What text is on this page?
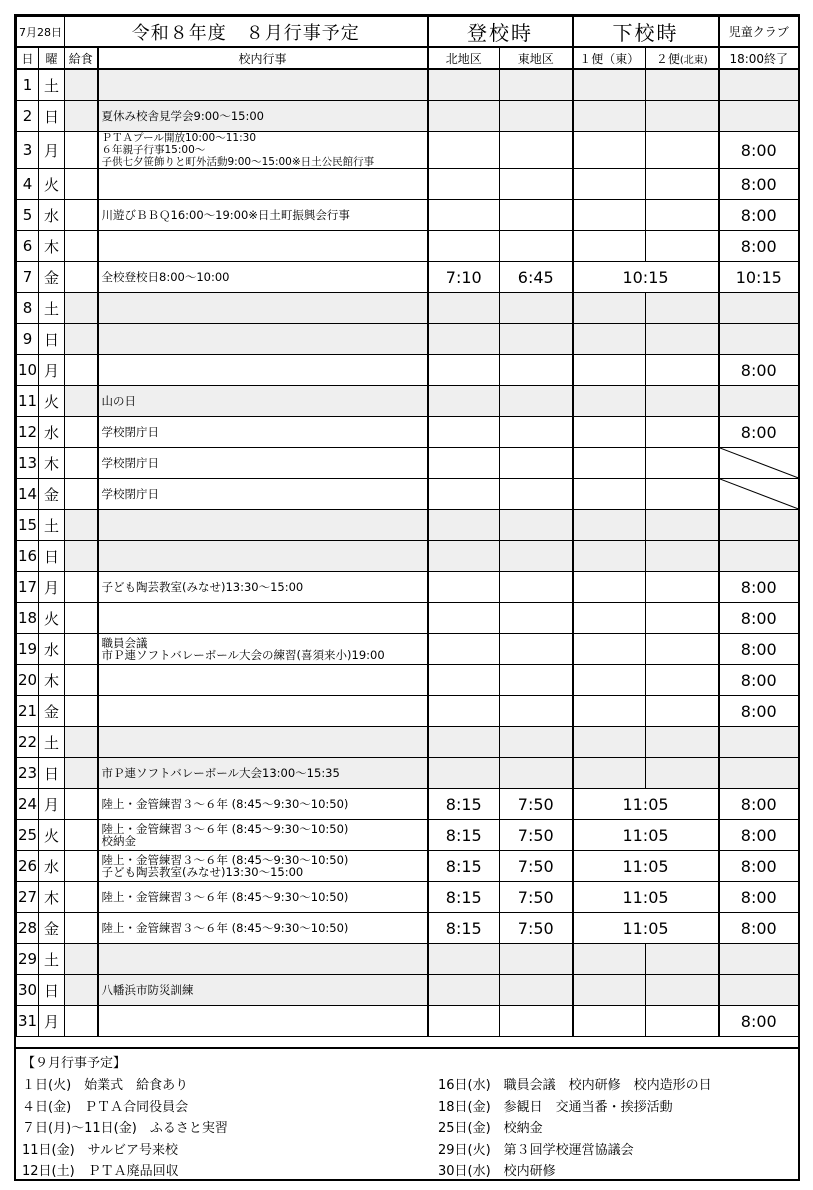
7月28日		令和８年度　８月行事予定		登校時		下校時		児童クラブ
日	曜	給食	校内行事	北地区	東地区	１便（東）	２便(北東)	18:00終了
1	土							
2	日		夏休み校舎見学会9:00～15:00					

3	月		ＰＴＡプール開放10:00～11:30
６年親子行事15:00～
子供七夕笹飾りと町外活動9:00～15:00※日土公民館行事					8:00
4	火							8:00
5	水		川遊びＢＢＱ16:00～19:00※日土町振興会行事					8:00
6	木							8:00
7	金		全校登校日8:00～10:00	7:10	6:45	10:15		10:15
8	土							
9	日							
10	月							8:00
11	火		山の日					

12	水		学校閉庁日					8:00
13	木		学校閉庁日

14	金		学校閉庁日

15	土							
16	日							
17	月		子ども陶芸教室(みなせ)13:30～15:00					8:00
18	火							8:00
19	水		職員会議
市Ｐ連ソフトバレーボール大会の練習(喜須来小)19:00					8:00
20	木							8:00
21	金							8:00
22	土							
23	日		市Ｐ連ソフトバレーボール大会13:00～15:35					

24	月		陸上・金管練習３～６年 (8:45～9:30～10:50)	8:15	7:50	11:05		8:00
25	火		陸上・金管練習３～６年 (8:45～9:30～10:50)
校納金	8:15	7:50	11:05		8:00
26	水		陸上・金管練習３～６年 (8:45～9:30～10:50)
子ども陶芸教室(みなせ)13:30～15:00	8:15	7:50	11:05		8:00
27	木		陸上・金管練習３～６年 (8:45～9:30～10:50)	8:15	7:50	11:05		8:00
28	金		陸上・金管練習３～６年 (8:45～9:30～10:50)	8:15	7:50	11:05		8:00
29	土							
30	日		八幡浜市防災訓練					

31	月							8:00
【９月行事予定】
１日(火)　始業式　給食あり
４日(金)　ＰＴＡ合同役員会
７日(月)～11日(金)　ふるさと実習
11日(金)　サルビア号来校
12日(土)　ＰＴＡ廃品回収
16日(水)　職員会議　校内研修　校内造形の日
18日(金)　参観日　交通当番・挨拶活動
25日(金)　校納金
29日(火)　第３回学校運営協議会
30日(水)　校内研修
